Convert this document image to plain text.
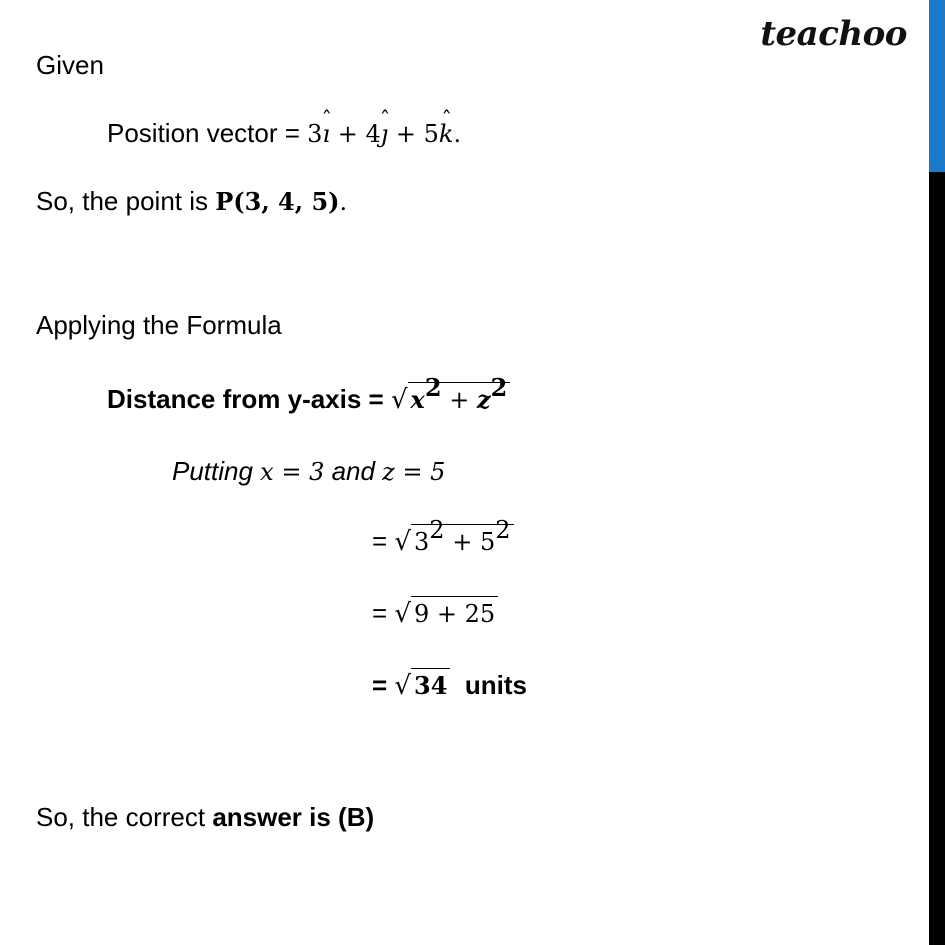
teachoo
Given
Position vector = 3ˆ ı + 4ˆ ȷ + 5ˆ k.
So, the point is P(3, 4, 5).
Applying the Formula
Distance from y-axis = √ $x^2 + z^2$
Putting x = 3 and z = 5
= √ $3^2 + 5^2$
= √ 9 + 25
= √ 34 units
So, the correct answer is (B)
